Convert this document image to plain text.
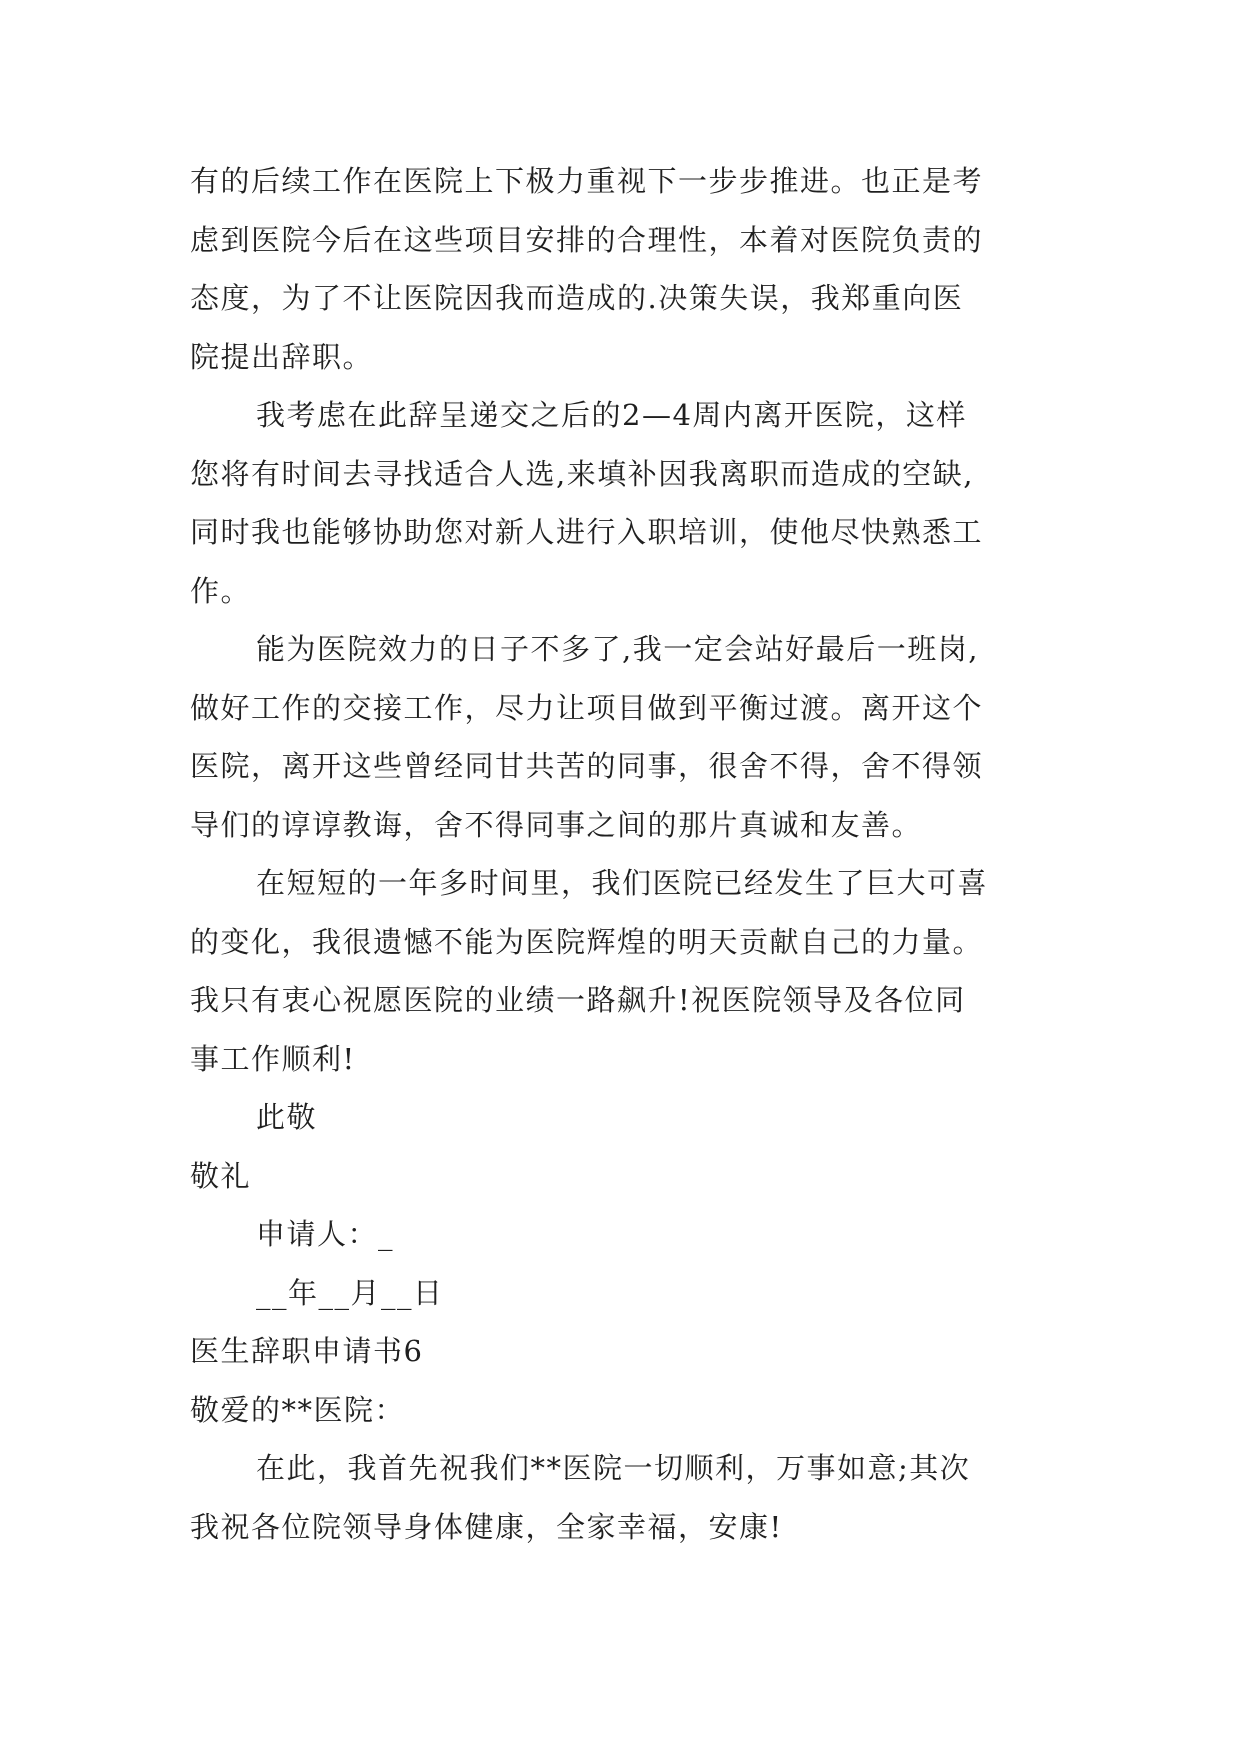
有的后续工作在医院上下极力重视下一步步推进。也正是考
虑到医院今后在这些项目安排的合理性，本着对医院负责的
态度，为了不让医院因我而造成的.决策失误，我郑重向医
院提出辞职。
我考虑在此辞呈递交之后的2—4周内离开医院，这样
您将有时间去寻找适合人选,来填补因我离职而造成的空缺,
同时我也能够协助您对新人进行入职培训，使他尽快熟悉工
作。
能为医院效力的日子不多了,我一定会站好最后一班岗,
做好工作的交接工作，尽力让项目做到平衡过渡。离开这个
医院，离开这些曾经同甘共苦的同事，很舍不得，舍不得领
导们的谆谆教诲，舍不得同事之间的那片真诚和友善。
在短短的一年多时间里，我们医院已经发生了巨大可喜
的变化，我很遗憾不能为医院辉煌的明天贡献自己的力量。
我只有衷心祝愿医院的业绩一路飙升!祝医院领导及各位同
事工作顺利!
此敬
敬礼
申请人：_
__年__月__日
医生辞职申请书6
敬爱的**医院：
在此，我首先祝我们**医院一切顺利，万事如意;其次
我祝各位院领导身体健康，全家幸福，安康!
